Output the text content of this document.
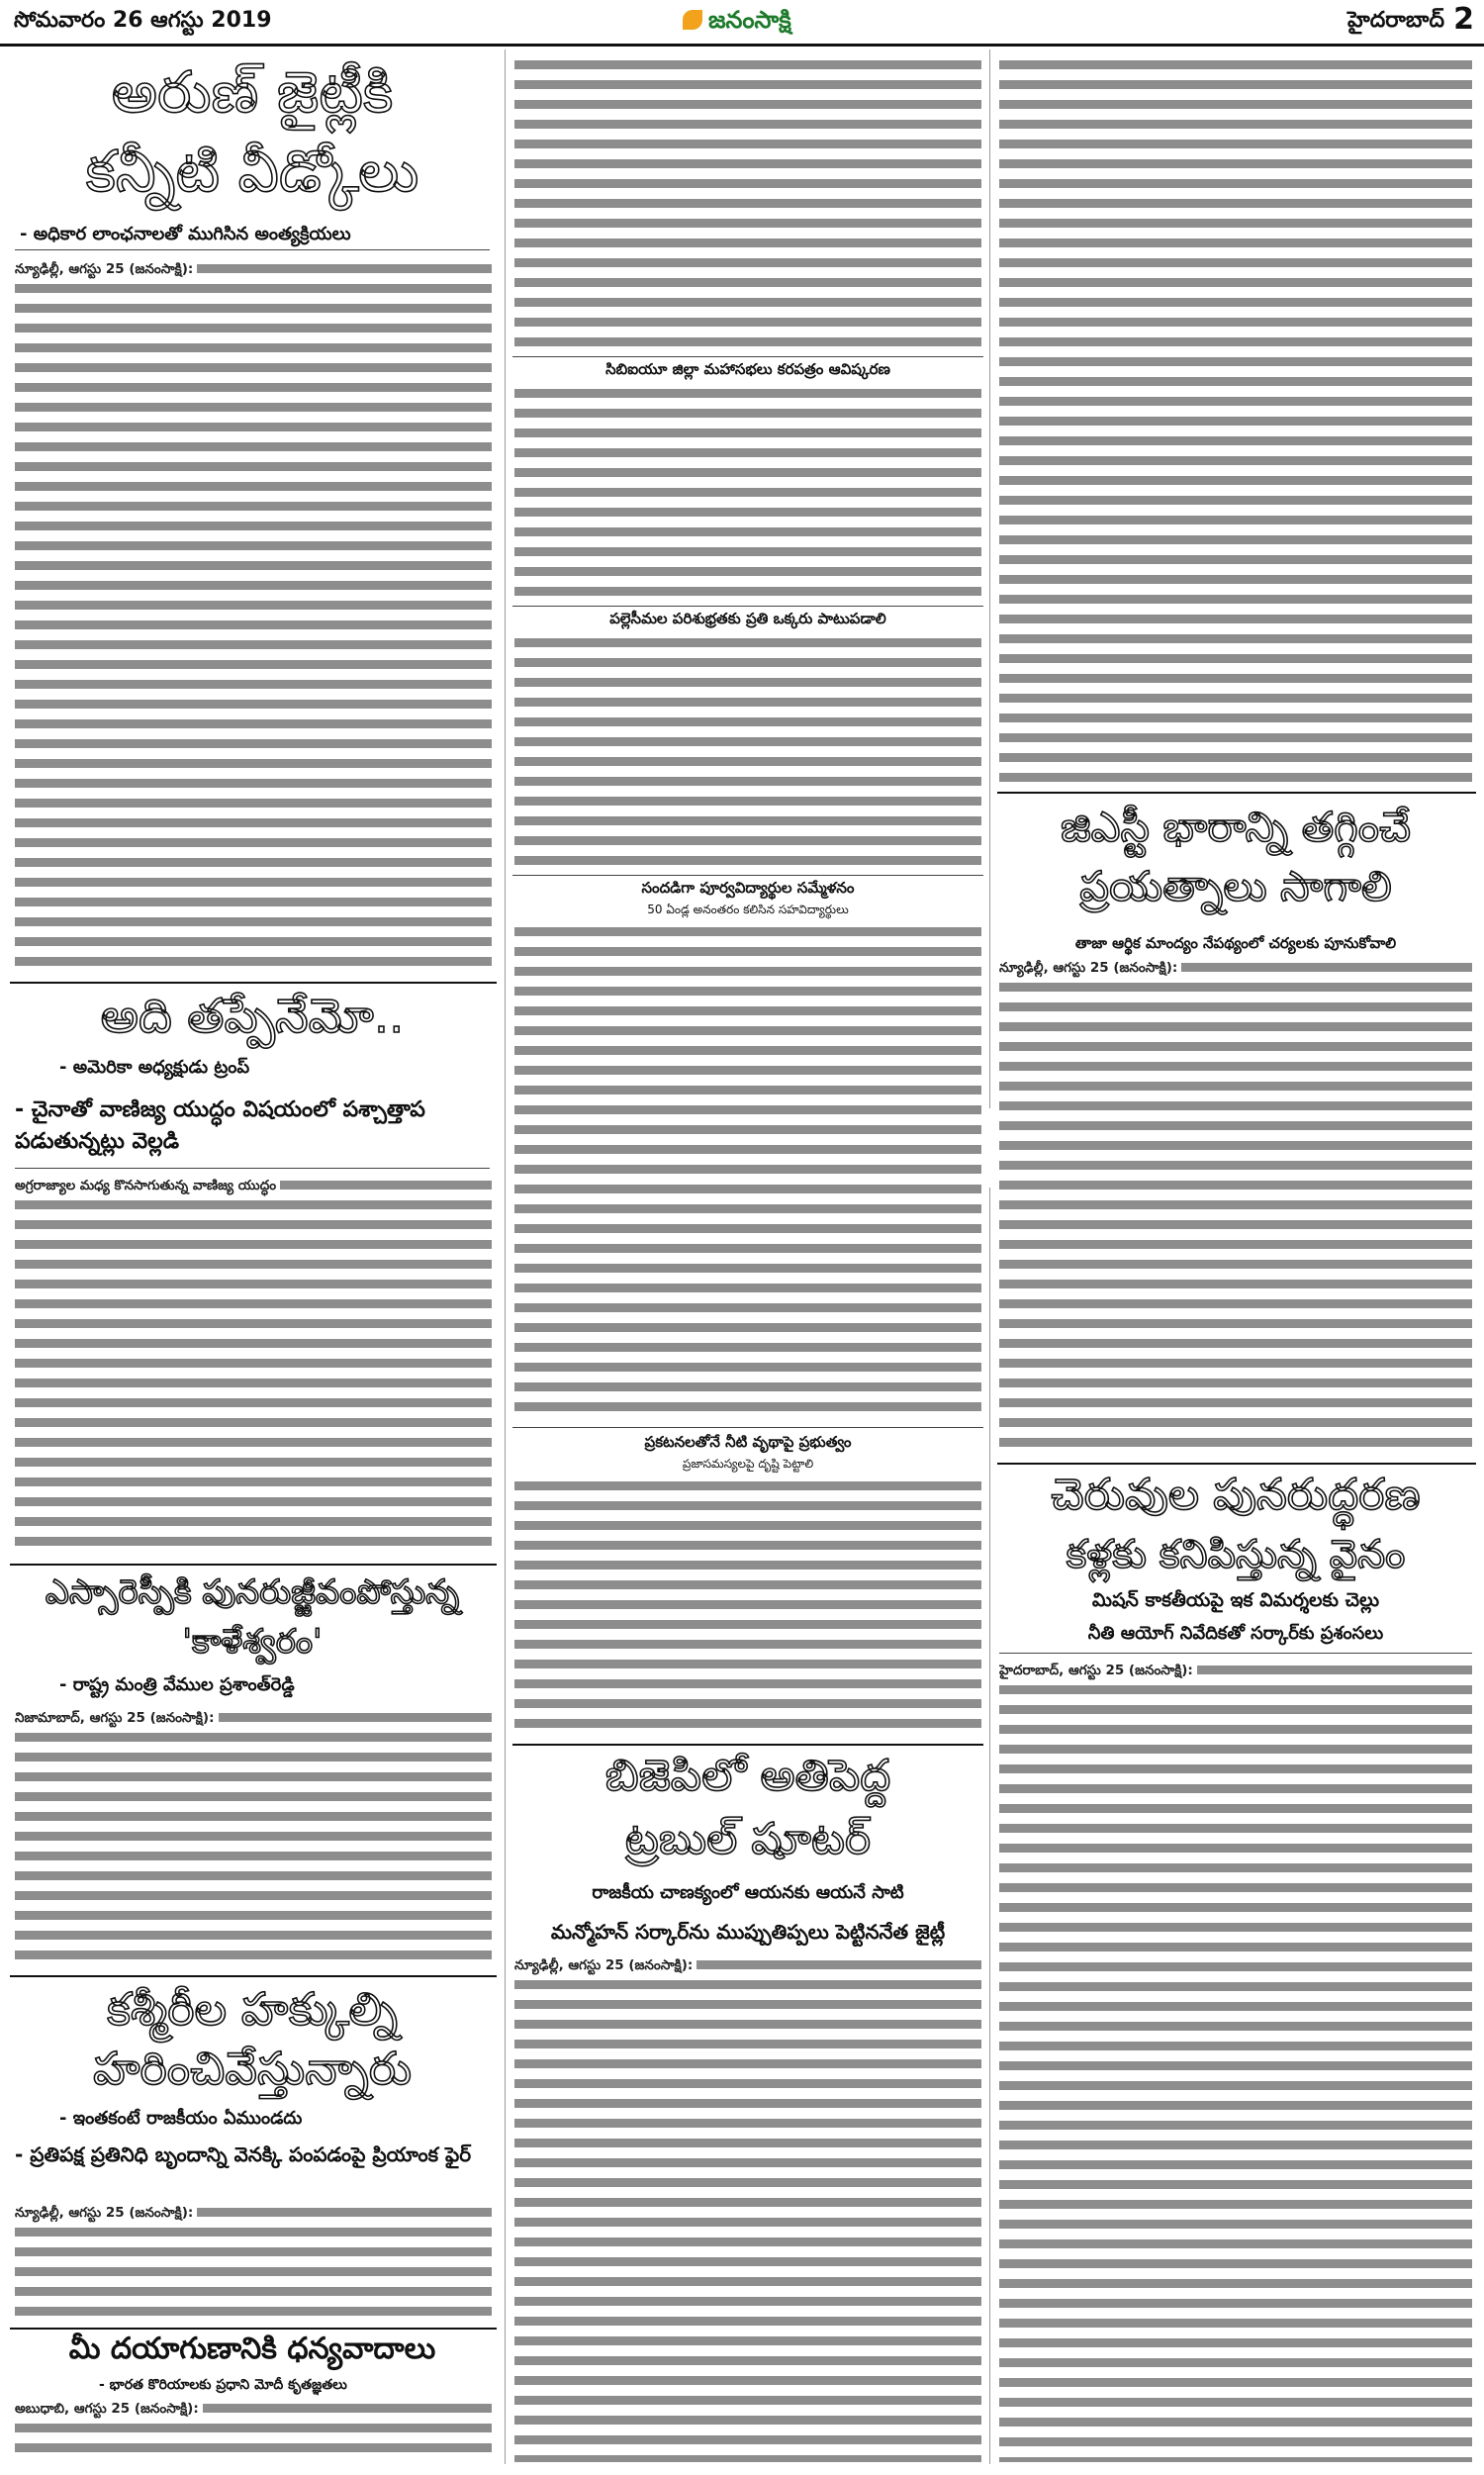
సోమవారం 26 ఆగస్టు 2019	జనంసాక్షి	హైదరాబాద్ 2
అరుణ్ జైట్లీకి
కన్నీటి వీడ్కోలు

- అధికార లాంఛనాలతో ముగిసిన అంత్యక్రియలు

న్యూఢిల్లీ, ఆగస్టు 25 (జనంసాక్షి):
అది తప్పేనేమో..

- అమెరికా అధ్యక్షుడు ట్రంప్

- చైనాతో వాణిజ్య యుద్ధం విషయంలో పశ్చాత్తాప పడుతున్నట్లు వెల్లడి

అగ్రరాజ్యాల మధ్య కొనసాగుతున్న వాణిజ్య యుద్ధం
ఎస్సారెస్పీకి పునరుజ్జీవంపోస్తున్న
'కాళేశ్వరం'

- రాష్ట్ర మంత్రి వేముల ప్రశాంత్‌రెడ్డి

నిజామాబాద్, ఆగస్టు 25 (జనంసాక్షి):
కశ్మీరీల హక్కుల్ని
హరించివేస్తున్నారు

- ఇంతకంటే రాజకీయం ఏముండదు

- ప్రతిపక్ష ప్రతినిధి బృందాన్ని వెనక్కి పంపడంపై ప్రియాంక ఫైర్

న్యూఢిల్లీ, ఆగస్టు 25 (జనంసాక్షి):
మీ దయాగుణానికి ధన్యవాదాలు

- భారత కొరియాలకు ప్రధాని మోదీ కృతజ్ఞతలు

అబుధాబి, ఆగస్టు 25 (జనంసాక్షి):

సిబిఐయూ జిల్లా మహాసభలు కరపత్రం ఆవిష్కరణ

పల్లెసీమల పరిశుభ్రతకు ప్రతి ఒక్కరు పాటుపడాలి

సందడిగా పూర్వవిద్యార్థుల సమ్మేళనం

50 ఏండ్ల అనంతరం కలిసిన సహవిద్యార్థులు

ప్రకటనలతోనే నీటి వృథాపై ప్రభుత్వం

ప్రజాసమస్యలపై దృష్టి పెట్టాలి

బిజెపిలో అతిపెద్ద
ట్రబుల్ షూటర్

రాజకీయ చాణక్యంలో ఆయనకు ఆయనే సాటి

మన్మోహన్ సర్కార్‌ను ముప్పుతిప్పలు పెట్టిననేత జైట్లీ

న్యూఢిల్లీ, ఆగస్టు 25 (జనంసాక్షి):
జిఎస్టీ భారాన్ని తగ్గించే
ప్రయత్నాలు సాగాలి

తాజా ఆర్థిక మాంద్యం నేపథ్యంలో చర్యలకు పూనుకోవాలి

న్యూఢిల్లీ, ఆగస్టు 25 (జనంసాక్షి):
చెరువుల పునరుద్ధరణ
కళ్లకు కనిపిస్తున్న వైనం

మిషన్ కాకతీయపై ఇక విమర్శలకు చెల్లు

నీతి ఆయోగ్ నివేదికతో సర్కార్‌కు ప్రశంసలు

హైదరాబాద్, ఆగస్టు 25 (జనంసాక్షి):
